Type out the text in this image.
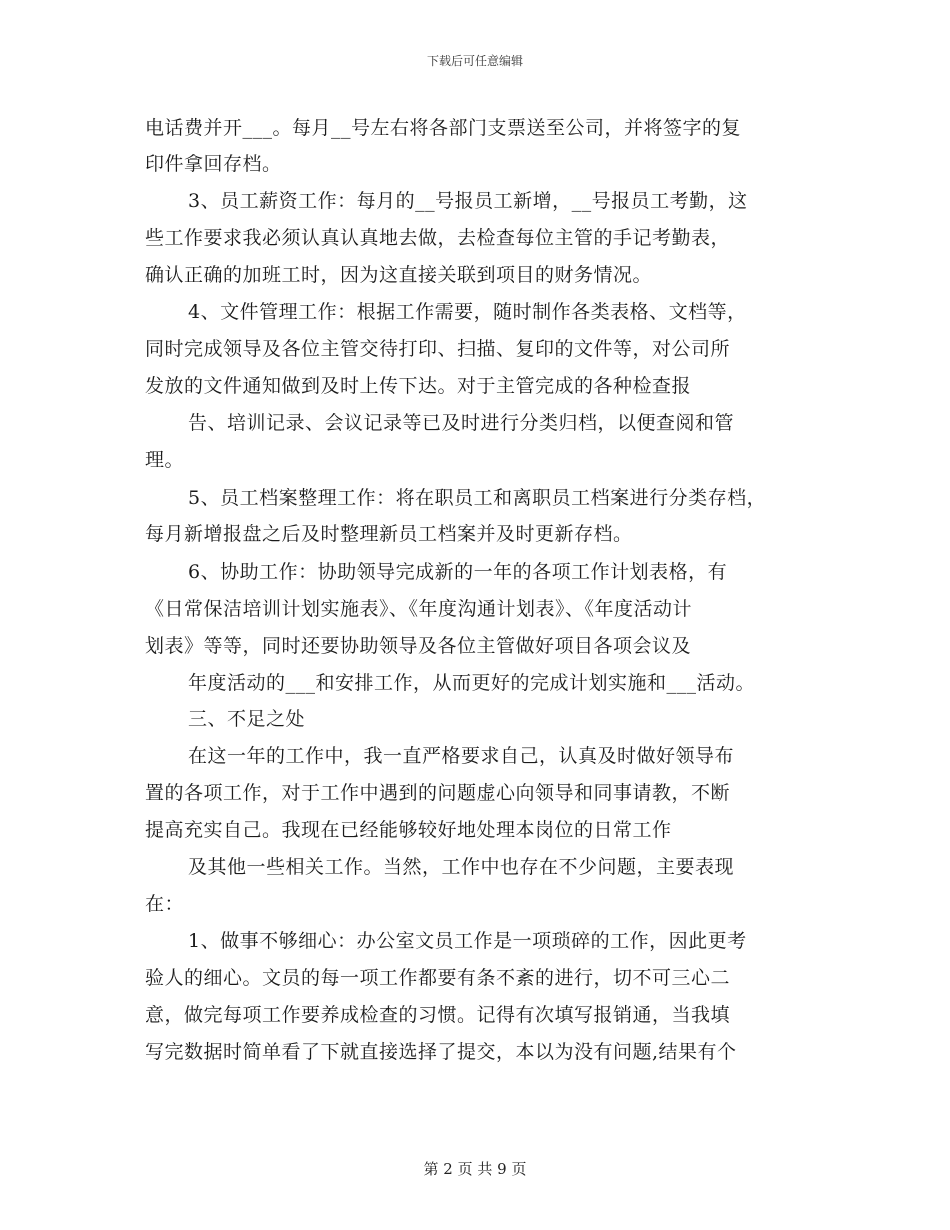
下载后可任意编辑
电话费并开___。每月__号左右将各部门支票送至公司，并将签字的复
印件拿回存档。
3、员工薪资工作：每月的__号报员工新增，__号报员工考勤，这
些工作要求我必须认真认真地去做，去检查每位主管的手记考勤表，
确认正确的加班工时，因为这直接关联到项目的财务情况。
4、文件管理工作：根据工作需要，随时制作各类表格、文档等，
同时完成领导及各位主管交待打印、扫描、复印的文件等，对公司所
发放的文件通知做到及时上传下达。对于主管完成的各种检查报
告、培训记录、会议记录等已及时进行分类归档，以便查阅和管
理。
5、员工档案整理工作：将在职员工和离职员工档案进行分类存档，
每月新增报盘之后及时整理新员工档案并及时更新存档。
6、协助工作：协助领导完成新的一年的各项工作计划表格，有
《日常保洁培训计划实施表》、《年度沟通计划表》、《年度活动计
划表》等等，同时还要协助领导及各位主管做好项目各项会议及
年度活动的___和安排工作，从而更好的完成计划实施和___活动。
三、不足之处
在这一年的工作中，我一直严格要求自己，认真及时做好领导布
置的各项工作，对于工作中遇到的问题虚心向领导和同事请教，不断
提高充实自己。我现在已经能够较好地处理本岗位的日常工作
及其他一些相关工作。当然，工作中也存在不少问题，主要表现
在：
1、做事不够细心：办公室文员工作是一项琐碎的工作，因此更考
验人的细心。文员的每一项工作都要有条不紊的进行，切不可三心二
意，做完每项工作要养成检查的习惯。记得有次填写报销通，当我填
写完数据时简单看了下就直接选择了提交，本以为没有问题,结果有个
第 2 页 共 9 页
